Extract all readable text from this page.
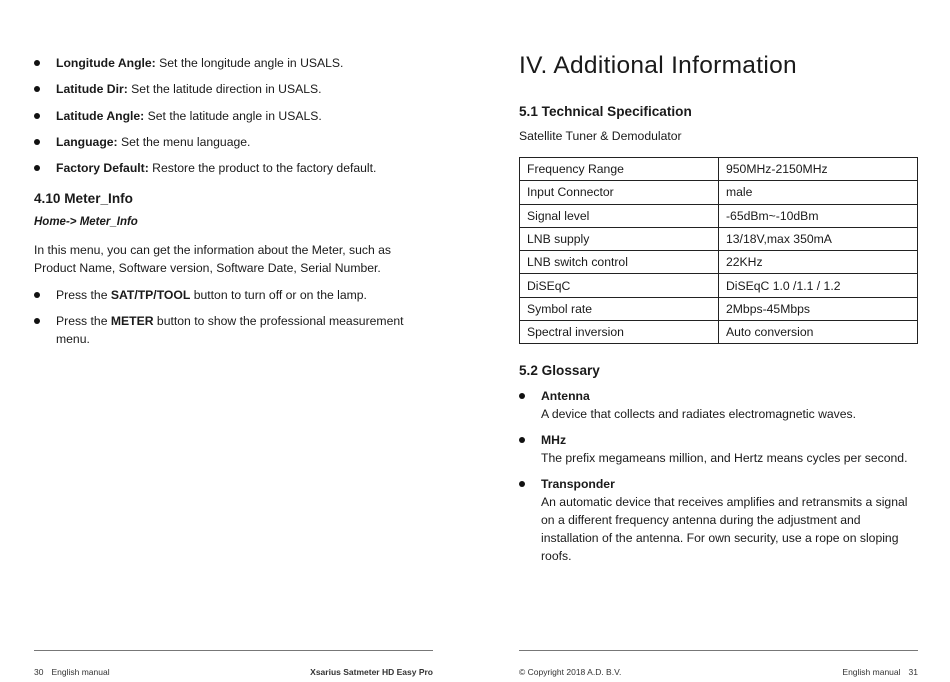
Longitude Angle: Set the longitude angle in USALS.
Latitude Dir: Set the latitude direction in USALS.
Latitude Angle: Set the latitude angle in USALS.
Language: Set the menu language.
Factory Default: Restore the product to the factory default.
4.10 Meter_Info
Home-> Meter_Info

In this menu, you can get the information about the Meter, such as Product Name, Software version, Software Date, Serial Number.

Press the SAT/TP/TOOL button to turn off or on the lamp.
Press the METER button to show the professional measurement menu.
30 English manual	Xsarius Satmeter HD Easy Pro
IV. Additional Information
5.1 Technical Specification
Satellite Tuner & Demodulator
Frequency Range	950MHz-2150MHz
Input Connector	male
Signal level	-65dBm~-10dBm
LNB supply	13/18V,max 350mA
LNB switch control	22KHz
DiSEqC	DiSEqC 1.0 /1.1 / 1.2
Symbol rate	2Mbps-45Mbps
Spectral inversion	Auto conversion
5.2 Glossary
Antenna
A device that collects and radiates electromagnetic waves.
MHz
The prefix megameans million, and Hertz means cycles per second.
Transponder
An automatic device that receives amplifies and retransmits a signal on a different frequency antenna during the adjustment and installation of the antenna. For own security, use a rope on sloping roofs.
© Copyright 2018 A.D. B.V.	English manual 31
